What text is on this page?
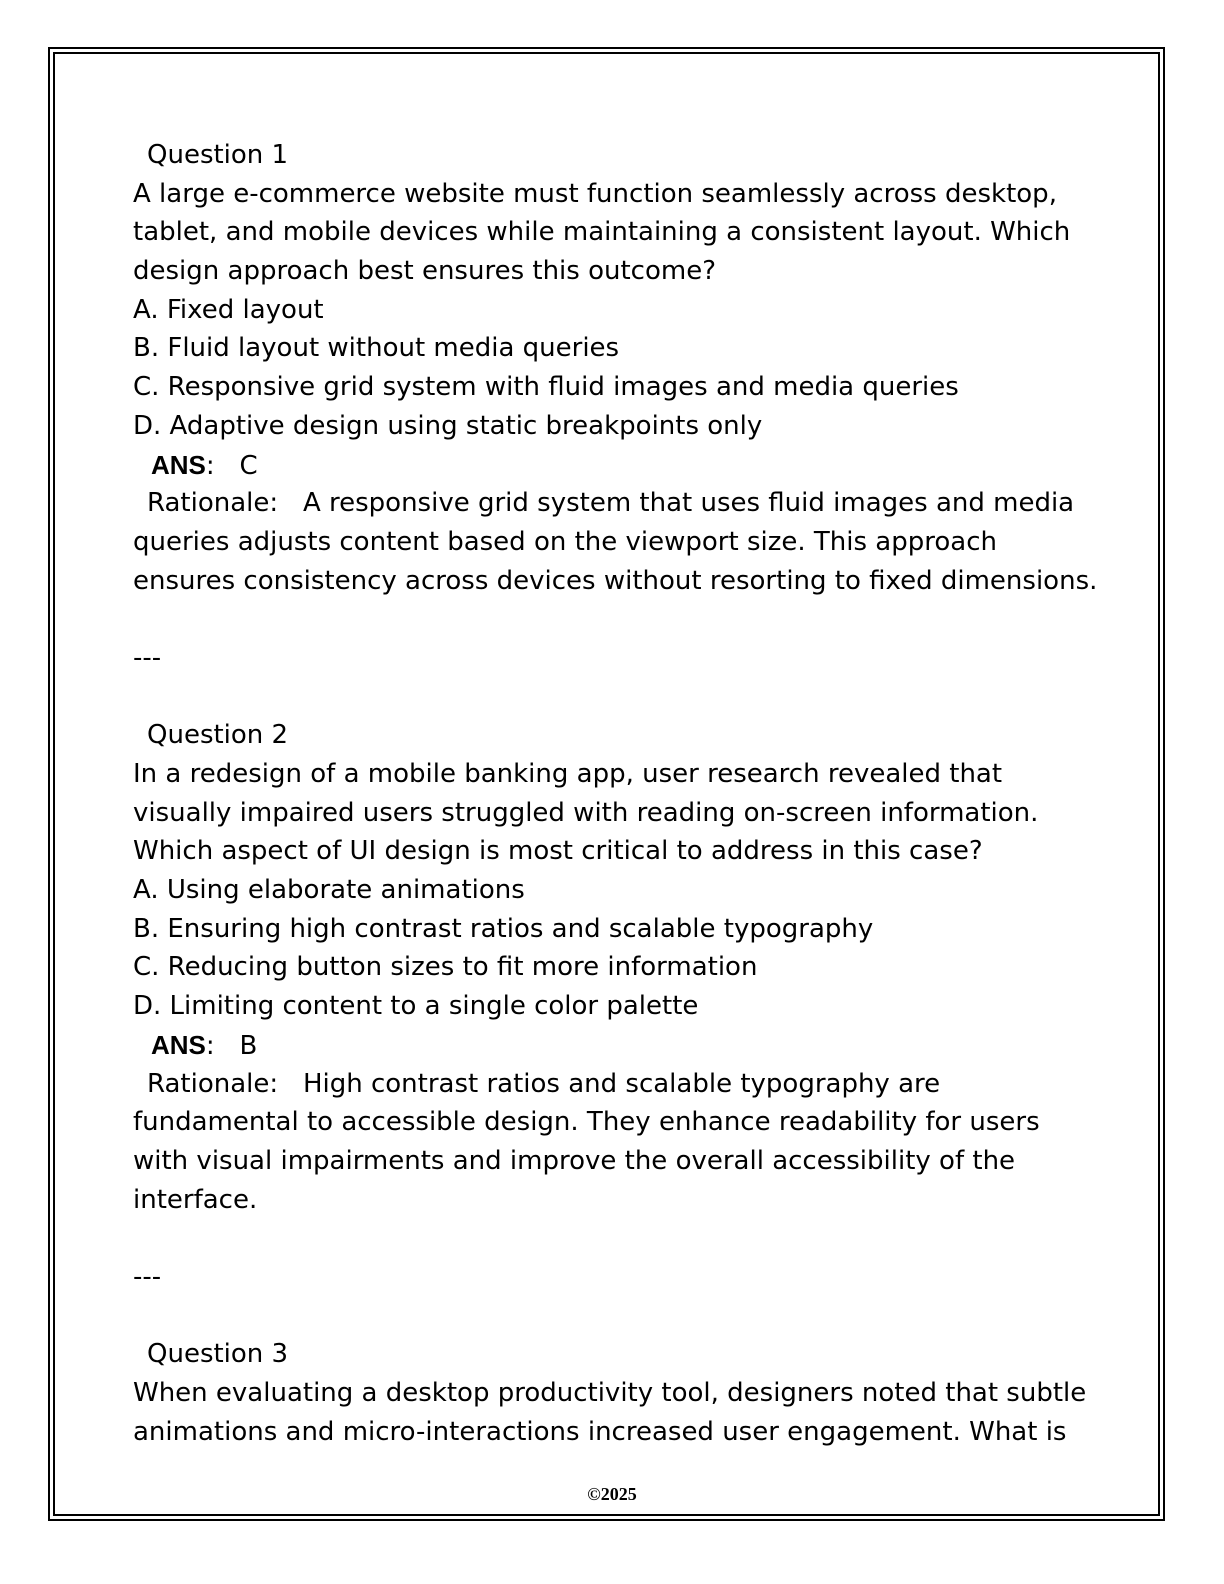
Question 1
A large e-commerce website must function seamlessly across desktop,
tablet, and mobile devices while maintaining a consistent layout. Which
design approach best ensures this outcome?
A. Fixed layout
B. Fluid layout without media queries
C. Responsive grid system with fluid images and media queries
D. Adaptive design using static breakpoints only
ANS:   C
Rationale:   A responsive grid system that uses fluid images and media
queries adjusts content based on the viewport size. This approach
ensures consistency across devices without resorting to fixed dimensions.
---
Question 2
In a redesign of a mobile banking app, user research revealed that
visually impaired users struggled with reading on-screen information.
Which aspect of UI design is most critical to address in this case?
A. Using elaborate animations
B. Ensuring high contrast ratios and scalable typography
C. Reducing button sizes to fit more information
D. Limiting content to a single color palette
ANS:   B
Rationale:   High contrast ratios and scalable typography are
fundamental to accessible design. They enhance readability for users
with visual impairments and improve the overall accessibility of the
interface.
---
Question 3
When evaluating a desktop productivity tool, designers noted that subtle
animations and micro-interactions increased user engagement. What is
©2025
